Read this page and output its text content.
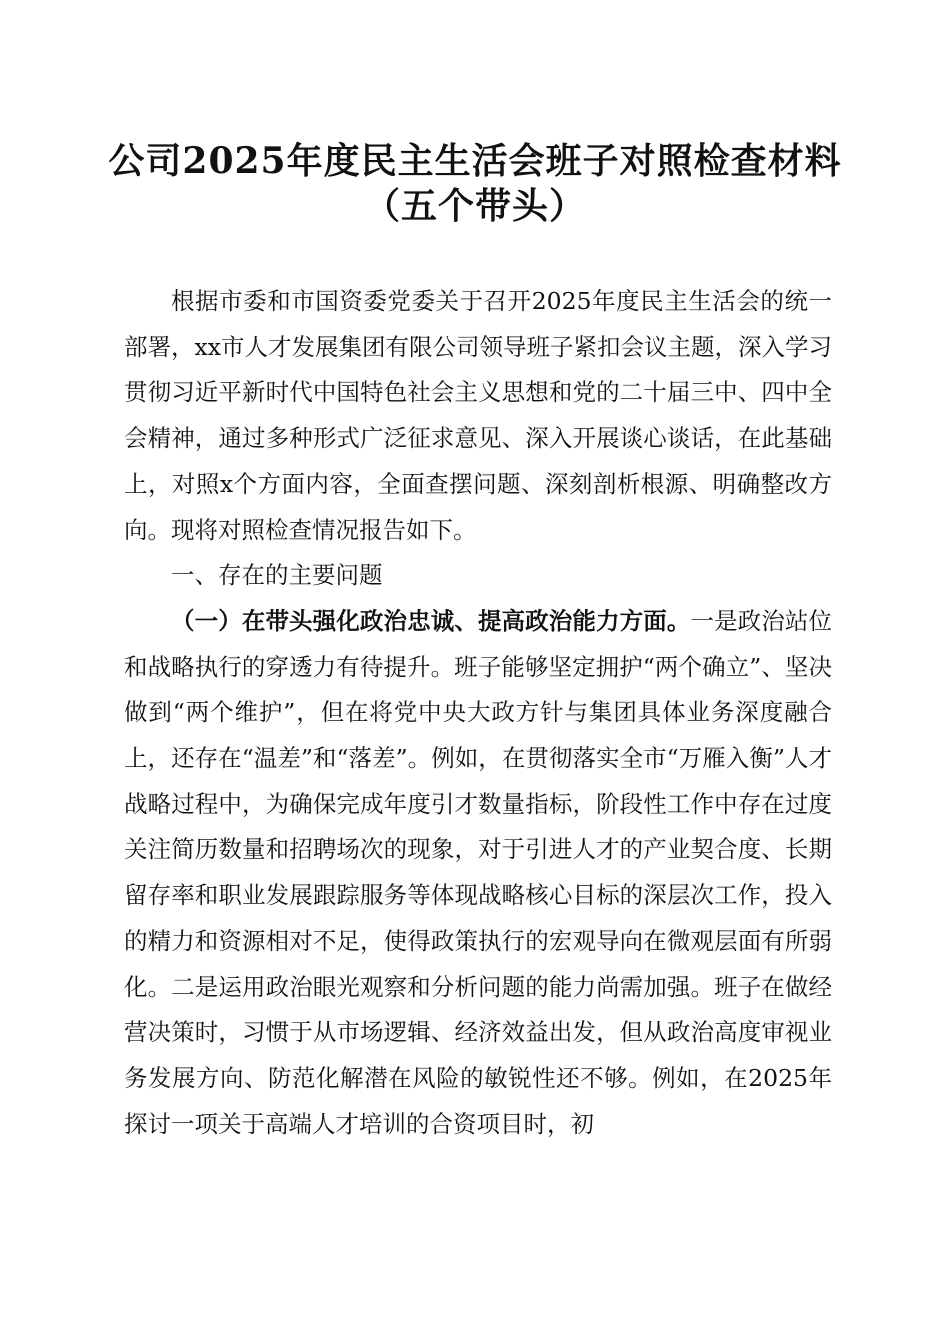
公司2025年度民主生活会班子对照检查材料
（五个带头）

根据市委和市国资委党委关于召开2025年度民主生活会的统一部署，xx市人才发展集团有限公司领导班子紧扣会议主题，深入学习贯彻习近平新时代中国特色社会主义思想和党的二十届三中、四中全会精神，通过多种形式广泛征求意见、深入开展谈心谈话，在此基础上，对照x个方面内容，全面查摆问题、深刻剖析根源、明确整改方向。现将对照检查情况报告如下。

一、存在的主要问题

（一）在带头强化政治忠诚、提高政治能力方面。一是政治站位和战略执行的穿透力有待提升。班子能够坚定拥护“两个确立”、坚决做到“两个维护”，但在将党中央大政方针与集团具体业务深度融合上，还存在“温差”和“落差”。例如，在贯彻落实全市“万雁入衡”人才战略过程中，为确保完成年度引才数量指标，阶段性工作中存在过度关注简历数量和招聘场次的现象，对于引进人才的产业契合度、长期留存率和职业发展跟踪服务等体现战略核心目标的深层次工作，投入的精力和资源相对不足，使得政策执行的宏观导向在微观层面有所弱化。二是运用政治眼光观察和分析问题的能力尚需加强。班子在做经营决策时，习惯于从市场逻辑、经济效益出发，但从政治高度审视业务发展方向、防范化解潜在风险的敏锐性还不够。例如，在2025年探讨一项关于高端人才培训的合资项目时，初
